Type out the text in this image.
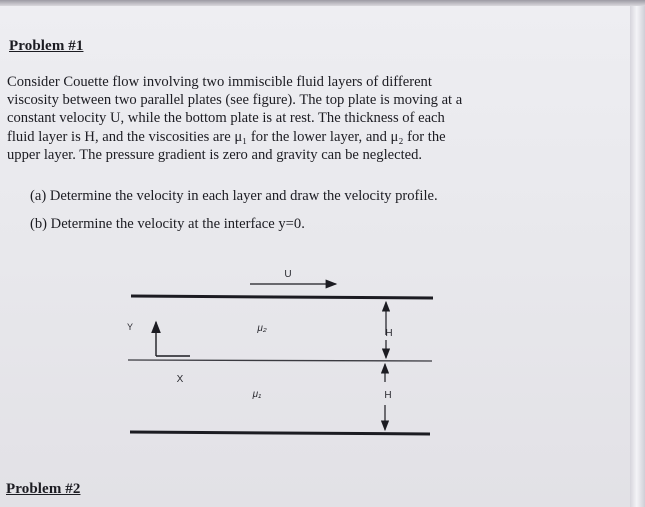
Problem #1
Consider Couette flow involving two immiscible fluid layers of different
viscosity between two parallel plates (see figure). The top plate is moving at a
constant velocity U, while the bottom plate is at rest. The thickness of each
fluid layer is H, and the viscosities are μ₁ for the lower layer, and μ₂ for the
upper layer. The pressure gradient is zero and gravity can be neglected.
(a) Determine the velocity in each layer and draw the velocity profile.
(b) Determine the velocity at the interface y=0.
U
Y
X
μ₂
μ₁
H
H
Problem #2
